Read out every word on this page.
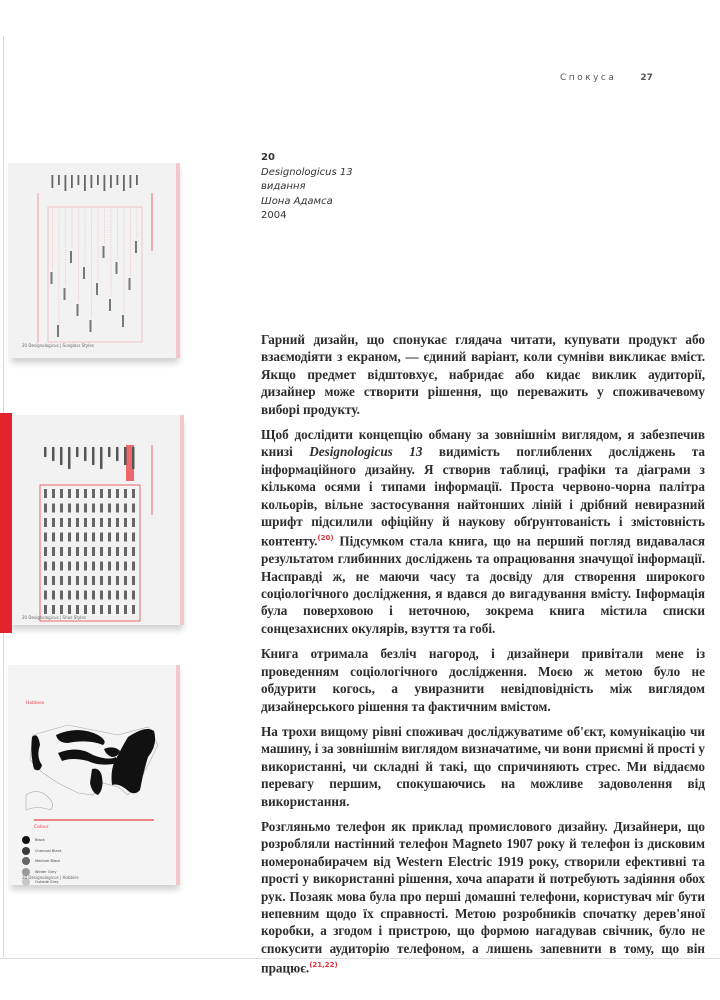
Спокуса	27
20
Designologicus 13
видання
Шона Адамса
2004
20 Designologicus | Sunglass Styles
20 Designologicus | Shoe Styles
Hobbies
Colour
Black
Charcoal Black
Medium Black
Winter Grey
Outside Grey
20 Designologicus | Hobbies

Гарний дизайн, що спонукає глядача читати, купувати продукт або взаємодіяти з екраном, — єдиний варіант, коли сумніви викликає вміст. Якщо предмет відштовхує, набридає або кидає виклик аудиторії, дизайнер може створити рішення, що переважить у споживачевому виборі продукту.

Щоб дослідити концепцію обману за зовнішнім виглядом, я забезпечив книзі Designologicus 13 видимість поглиблених досліджень та інформаційного дизайну. Я створив таблиці, графіки та діаграми з кількома осями і типами інформації. Проста червоно-чорна палітра кольорів, вільне застосування найтонших ліній і дрібний невиразний шрифт підсилили офіційну й наукову обґрунтованість і змістовність контенту.$^{(20)}$ Підсумком стала книга, що на перший погляд видавалася результатом глибинних досліджень та опрацювання значущої інформації. Насправді ж, не маючи часу та досвіду для створення широкого соціологічного дослідження, я вдався до вигадування вмісту. Інформація була поверховою і неточною, зокрема книга містила списки сонцезахисних окулярів, взуття та гобі.

Книга отримала безліч нагород, і дизайнери привітали мене із проведенням соціологічного дослідження. Моєю ж метою було не обдурити когось, а увиразнити невідповідність між виглядом дизайнерського рішення та фактичним вмістом.

На трохи вищому рівні споживач досліджуватиме об'єкт, комунікацію чи машину, і за зовнішнім виглядом визначатиме, чи вони приємні й прості у використанні, чи складні й такі, що спричиняють стрес. Ми віддаємо перевагу першим, спокушаючись на можливе задоволення від використання.

Розгляньмо телефон як приклад промислового дизайну. Дизайнери, що розробляли настінний телефон Magneto 1907 року й телефон із дисковим номеронабирачем від Western Electric 1919 року, створили ефективні та прості у використанні рішення, хоча апарати й потребують задіяння обох рук. Позаяк мова була про перші домашні телефони, користувач міг бути непевним щодо їх справності. Метою розробників спочатку дерев'яної коробки, а згодом і пристрою, що формою нагадував свічник, було не спокусити аудиторію телефоном, а лишень запевнити в тому, що він працює.$^{(21,22)}$
